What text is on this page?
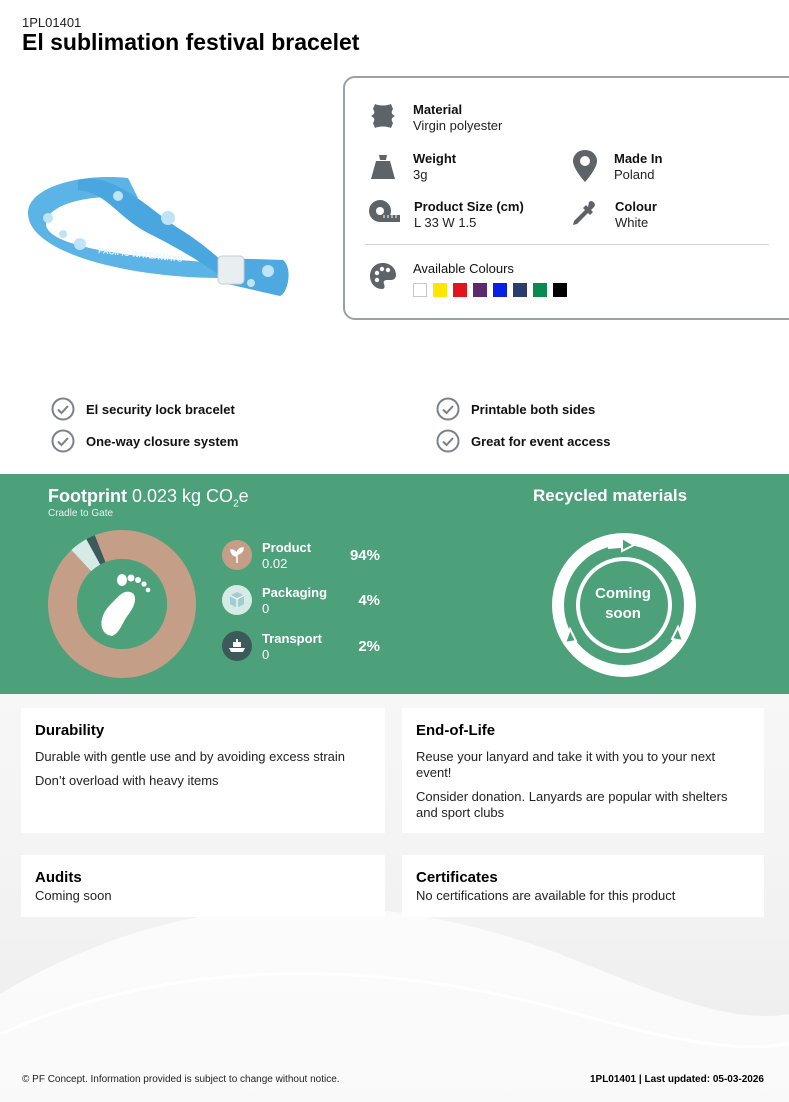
1PL01401
El sublimation festival bracelet
PACIFIC WATERWAYS
Material
Virgin polyester
Weight
3g
Made In
Poland
Product Size (cm)
L 33 W 1.5
Colour
White
Available Colours
El security lock bracelet
One-way closure system
Printable both sides
Great for event access
Footprint 0.023 kg $CO_2e$
Cradle to Gate
Product
0.02	94%
Packaging
0	4%
Transport
0	2%
Recycled materials
Coming
soon
Durability

Durable with gentle use and by avoiding excess strain

Don’t overload with heavy items

End-of-Life

Reuse your lanyard and take it with you to your next event!

Consider donation. Lanyards are popular with shelters and sport clubs

Audits

Coming soon

Certificates

No certifications are available for this product

© PF Concept. Information provided is subject to change without notice.	1PL01401 | Last updated: 05-03-2026
